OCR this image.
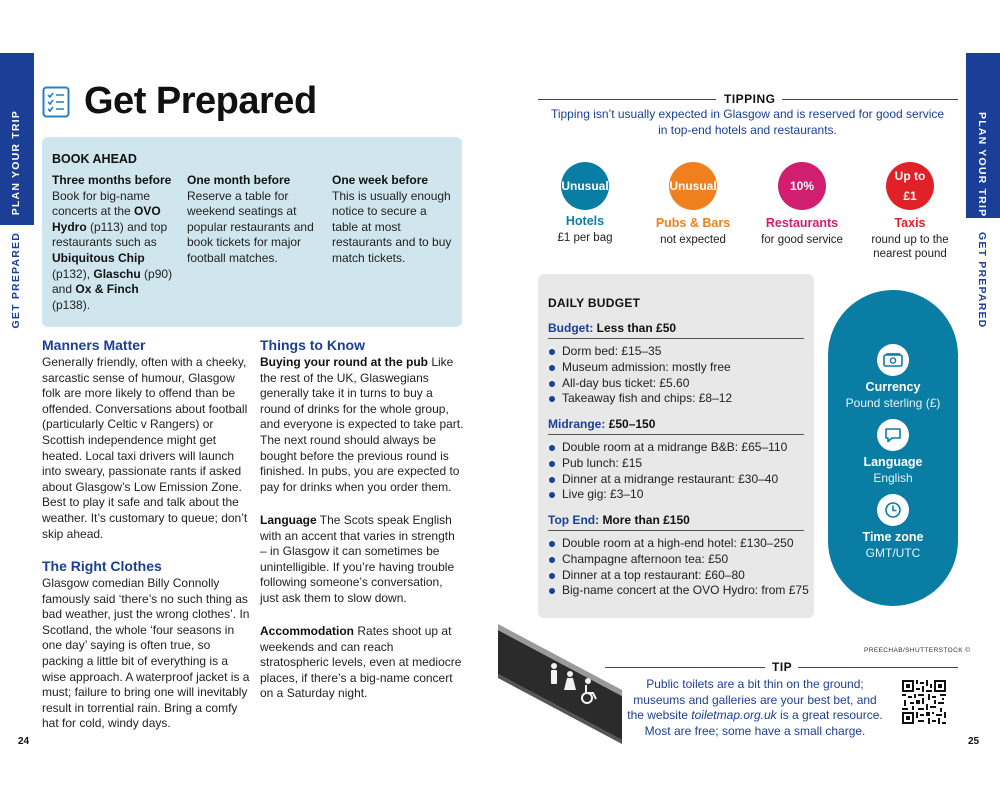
PLAN YOUR TRIP
GET PREPARED
PLAN YOUR TRIP
GET PREPARED
Get Prepared
BOOK AHEAD
Three months before
Book for big-name concerts at the OVO Hydro (p113) and top restaurants such as Ubiquitous Chip (p132), Glaschu (p90) and Ox & Finch (p138).
One month before
Reserve a table for weekend seatings at popular restaurants and book tickets for major football matches.
One week before
This is usually enough notice to secure a table at most restaurants and to buy match tickets.
Manners Matter
Generally friendly, often with a cheeky, sarcastic sense of humour, Glasgow folk are more likely to offend than be offended. Conversations about football (particularly Celtic v Rangers) or Scottish independence might get heated. Local taxi drivers will launch into sweary, passionate rants if asked about Glasgow’s Low Emission Zone. Best to play it safe and talk about the weather. It’s customary to queue; don’t skip ahead.
The Right Clothes
Glasgow comedian Billy Connolly famously said ‘there’s no such thing as bad weather, just the wrong clothes’. In Scotland, the whole ‘four seasons in one day’ saying is often true, so packing a little bit of everything is a wise approach. A waterproof jacket is a must; failure to bring one will inevitably result in torrential rain. Bring a comfy hat for cold, windy days.
Things to Know
Buying your round at the pub Like the rest of the UK, Glaswegians generally take it in turns to buy a round of drinks for the whole group, and everyone is expected to take part. The next round should always be bought before the previous round is finished. In pubs, you are expected to pay for drinks when you order them.
Language The Scots speak English with an accent that varies in strength – in Glasgow it can sometimes be unintelligible. If you’re having trouble following someone’s conversation, just ask them to slow down.
Accommodation Rates shoot up at weekends and can reach stratospheric levels, even at mediocre places, if there’s a big-name concert on a Saturday night.
TIPPING
Tipping isn’t usually expected in Glasgow and is reserved for good service in top-end hotels and restaurants.
Unusual
Hotels
£1 per bag
Unusual
Pubs & Bars
not expected
10%
Restaurants
for good service
Up to £1
Taxis
round up to the nearest pound
DAILY BUDGET
Budget: Less than £50
Dorm bed: £15–35
Museum admission: mostly free
All-day bus ticket: £5.60
Takeaway fish and chips: £8–12
Midrange: £50–150
Double room at a midrange B&B: £65–110
Pub lunch: £15
Dinner at a midrange restaurant: £30–40
Live gig: £3–10
Top End: More than £150
Double room at a high-end hotel: £130–250
Champagne afternoon tea: £50
Dinner at a top restaurant: £60–80
Big-name concert at the OVO Hydro: from £75
Currency
Pound sterling (£)
Language
English
Time zone
GMT/UTC
PREECHAB/SHUTTERSTOCK ©
TIP
Public toilets are a bit thin on the ground; museums and galleries are your best bet, and the website toiletmap.org.uk is a great resource. Most are free; some have a small charge.
24	25
